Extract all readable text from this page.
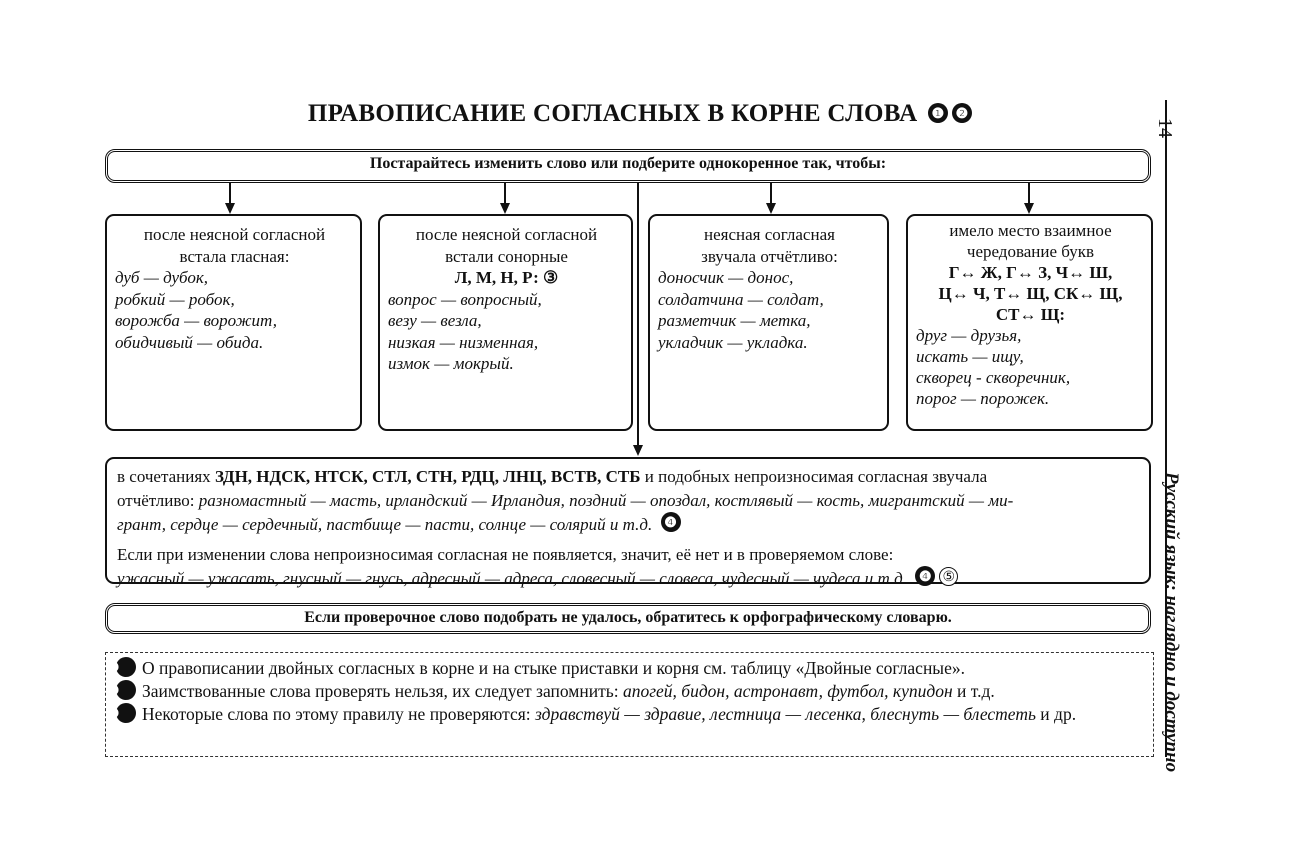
ПРАВОПИСАНИЕ СОГЛАСНЫХ В КОРНЕ СЛОВА ❶ ❷
Постарайтесь изменить слово или подберите однокоренное так, чтобы:
после неясной согласной
встала гласная:
дуб — дубок,
робкий — робок,
ворожба — ворожит,
обидчивый — обида.
после неясной согласной
встали сонорные
Л, М, Н, Р: ③
вопрос — вопросный,
везу — везла,
низкая — низменная,
измок — мокрый.
неясная согласная
звучала отчётливо:
доносчик — донос,
солдатчина — солдат,
разметчик — метка,
укладчик — укладка.
имело место взаимное
чередование букв
Г↔ Ж, Г↔ З, Ч↔ Ш,
Ц↔ Ч, Т↔ Щ, СК↔ Щ,
СТ↔ Щ:
друг — друзья,
искать — ищу,
скворец - скворечник,
порог — порожек.

в сочетаниях ЗДН, НДСК, НТСК, СТЛ, СТН, РДЦ, ЛНЦ, ВСТВ, СТБ и подобных непроизносимая согласная звучала

отчётливо: разномастный — масть, ирландский — Ирландия, поздний — опоздал, костлявый — кость, мигрантский — ми-

грант, сердце — сердечный, пастбище — пасти, солнце — солярий и т.д. ❹

Если при изменении слова непроизносимая согласная не появляется, значит, её нет и в проверяемом слове:

ужасный — ужасать, гнусный — гнусь, адресный — адреса, словесный — словеса, чудесный — чудеса и т.д. ❹ ⑤

Если проверочное слово подобрать не удалось, обратитесь к орфографическому словарю.
❶ О правописании двойных согласных в корне и на стыке приставки и корня см. таблицу «Двойные согласные».
❷ Заимствованные слова проверять нельзя, их следует запомнить: апогей, бидон, астронавт, футбол, купидон и т.д.
❹ Некоторые слова по этому правилу не проверяются: здравствуй — здравие, лестница — лесенка, блеснуть — блестеть и др.
14
Русский язык: наглядно и доступно
